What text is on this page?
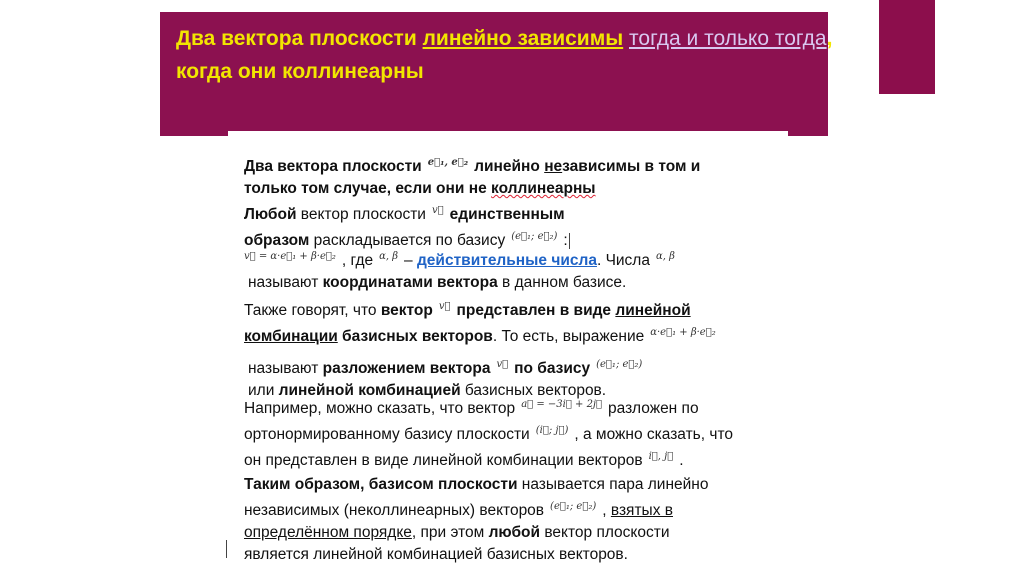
Два вектора плоскости линейно зависимы тогда и только тогда, когда они коллинеарны
Два вектора плоскости $^{e⃗_1, e⃗_2}$ линейно независимы в том и
только том случае, если они не коллинеарны
Любой вектор плоскости $^{v⃗}$ единственным
образом раскладывается по базису $^{(e⃗_1; e⃗_2)}$ :
$^{v⃗ = \alpha\cdot e⃗_1 + \beta\cdot e⃗_2}$ , где $^{\alpha, \beta}$ – действительные числа. Числа $^{\alpha, \beta}$
называют координатами вектора в данном базисе.
Также говорят, что вектор $^{v⃗}$ представлен в виде линейной
комбинации базисных векторов. То есть, выражение $^{\alpha\cdot e⃗_1 + \beta\cdot e⃗_2}$
называют разложением вектора $^{v⃗}$ по базису $^{(e⃗_1; e⃗_2)}$
или линейной комбинацией базисных векторов.
Например, можно сказать, что вектор $^{a⃗ = -3i⃗ + 2j⃗}$ разложен по
ортонормированному базису плоскости $^{(i⃗; j⃗)}$ , а можно сказать, что
он представлен в виде линейной комбинации векторов $^{i⃗, j⃗}$ .
Таким образом, базисом плоскости называется пара линейно
независимых (неколлинеарных) векторов $^{(e⃗_1; e⃗_2)}$ , взятых в
определённом порядке, при этом любой вектор плоскости
является линейной комбинацией базисных векторов.
